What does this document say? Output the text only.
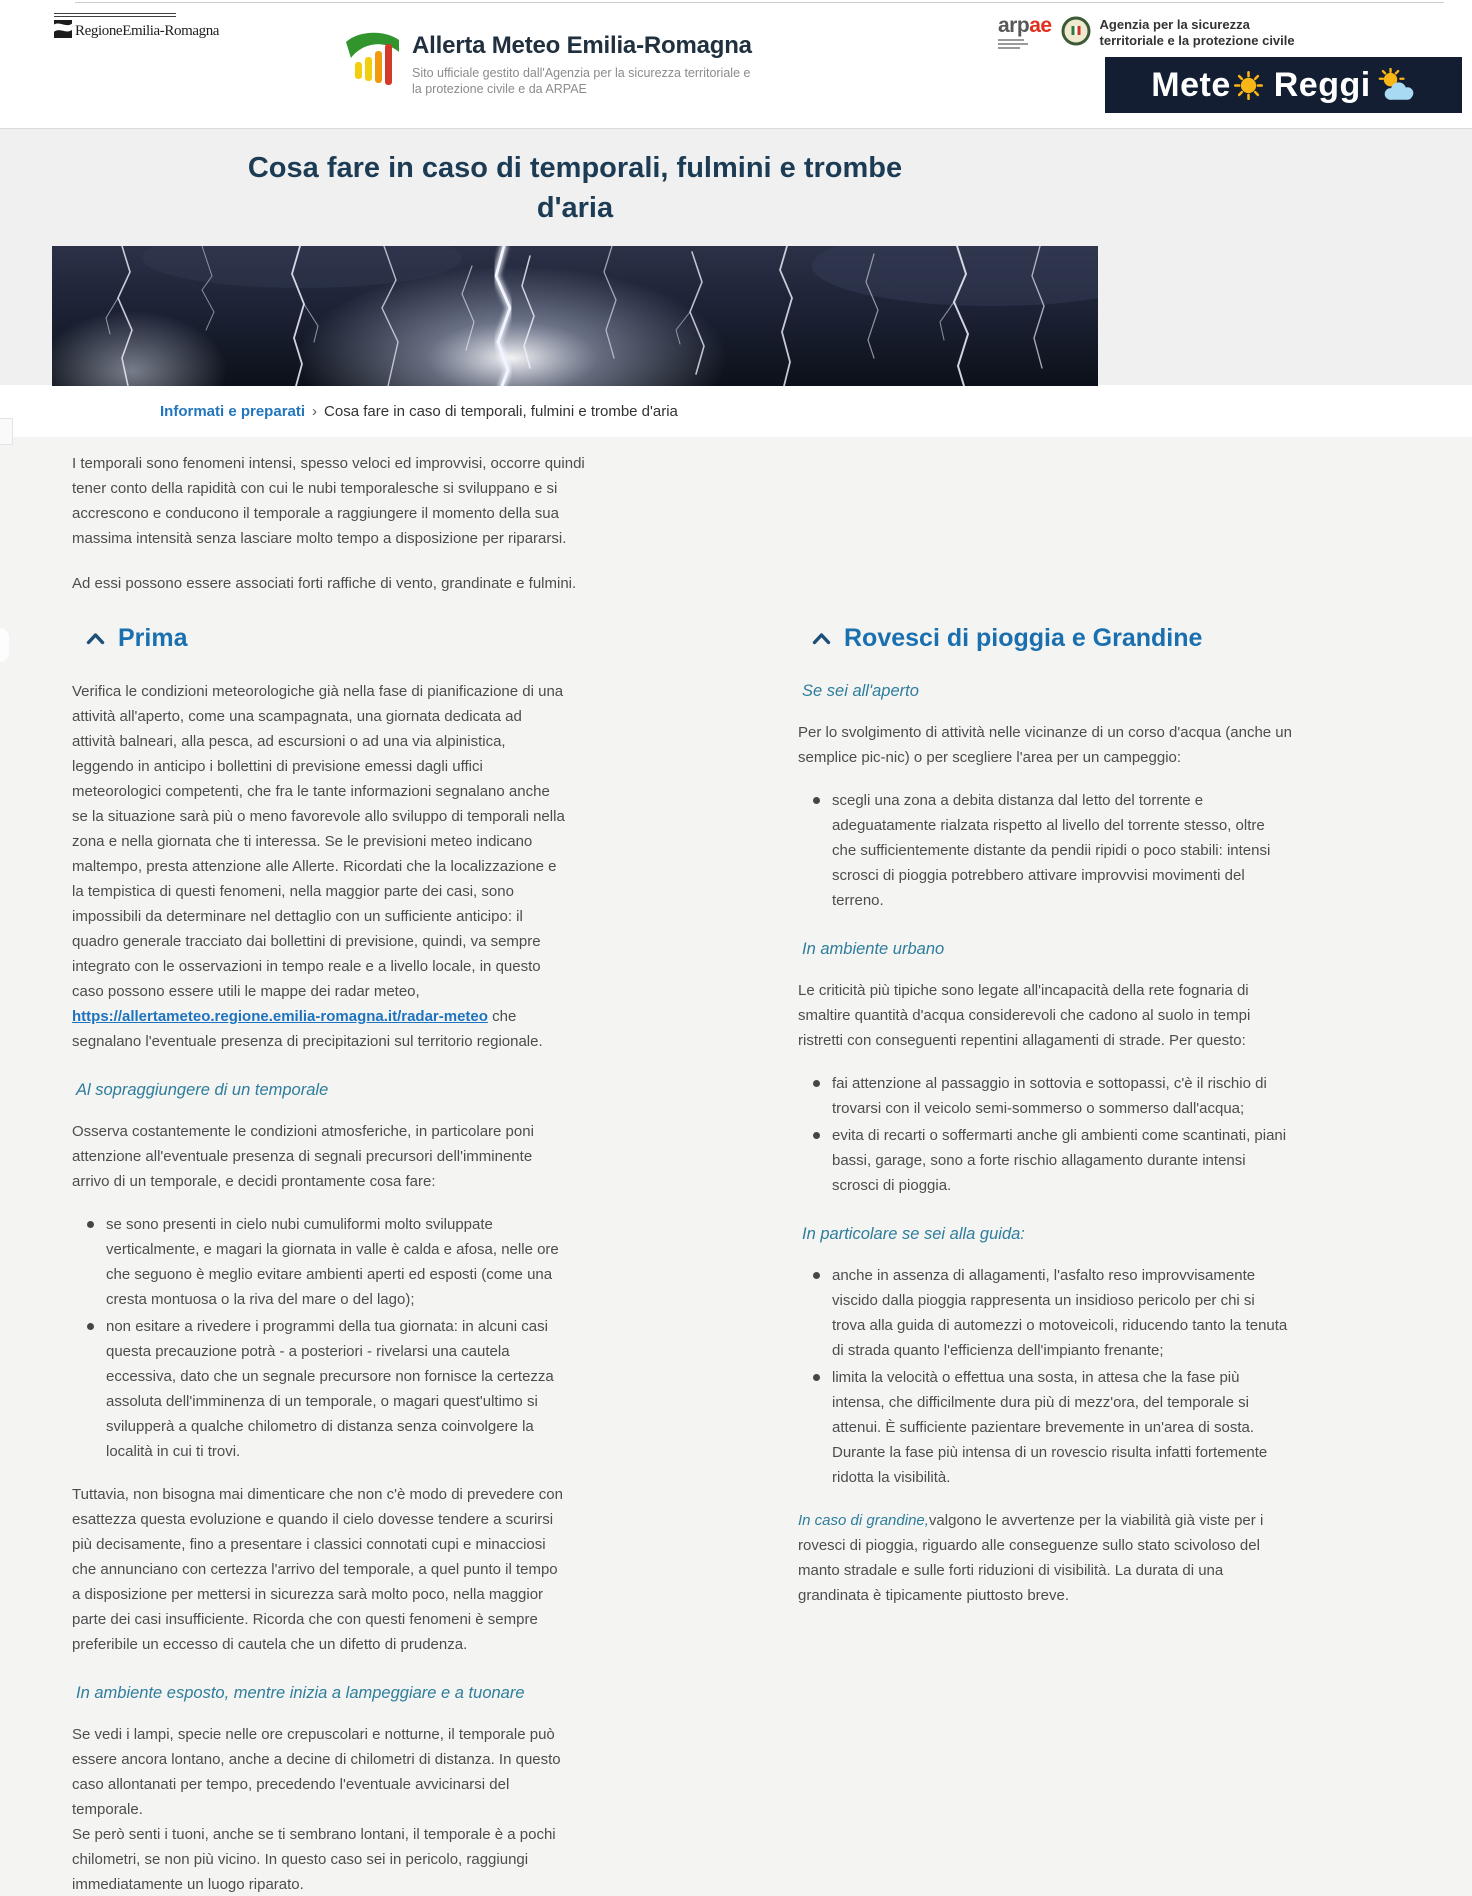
RegioneEmilia-Romagna
Allerta Meteo Emilia-Romagna
Sito ufficiale gestito dall'Agenzia per la sicurezza territoriale e
la protezione civile e da ARPAE
arpae	Agenzia per la sicurezza territoriale e la protezione civile
Mete Reggi
Cosa fare in caso di temporali, fulmini e trombe
d'aria
Informati e preparati › Cosa fare in caso di temporali, fulmini e trombe d'aria

I temporali sono fenomeni intensi, spesso veloci ed improvvisi, occorre quindi tener conto della rapidità con cui le nubi temporalesche si sviluppano e si accrescono e conducono il temporale a raggiungere il momento della sua massima intensità senza lasciare molto tempo a disposizione per ripararsi.

Ad essi possono essere associati forti raffiche di vento, grandinate e fulmini.

Prima

Verifica le condizioni meteorologiche già nella fase di pianificazione di una attività all'aperto, come una scampagnata, una giornata dedicata ad attività balneari, alla pesca, ad escursioni o ad una via alpinistica, leggendo in anticipo i bollettini di previsione emessi dagli uffici meteorologici competenti, che fra le tante informazioni segnalano anche se la situazione sarà più o meno favorevole allo sviluppo di temporali nella zona e nella giornata che ti interessa. Se le previsioni meteo indicano maltempo, presta attenzione alle Allerte. Ricordati che la localizzazione e la tempistica di questi fenomeni, nella maggior parte dei casi, sono impossibili da determinare nel dettaglio con un sufficiente anticipo: il quadro generale tracciato dai bollettini di previsione, quindi, va sempre integrato con le osservazioni in tempo reale e a livello locale, in questo caso possono essere utili le mappe dei radar meteo, https://allertameteo.regione.emilia-romagna.it/radar-meteo che segnalano l'eventuale presenza di precipitazioni sul territorio regionale.

Al sopraggiungere di un temporale

Osserva costantemente le condizioni atmosferiche, in particolare poni attenzione all'eventuale presenza di segnali precursori dell'imminente arrivo di un temporale, e decidi prontamente cosa fare:

se sono presenti in cielo nubi cumuliformi molto sviluppate verticalmente, e magari la giornata in valle è calda e afosa, nelle ore che seguono è meglio evitare ambienti aperti ed esposti (come una cresta montuosa o la riva del mare o del lago);
non esitare a rivedere i programmi della tua giornata: in alcuni casi questa precauzione potrà - a posteriori - rivelarsi una cautela eccessiva, dato che un segnale precursore non fornisce la certezza assoluta dell'imminenza di un temporale, o magari quest'ultimo si svilupperà a qualche chilometro di distanza senza coinvolgere la località in cui ti trovi.

Tuttavia, non bisogna mai dimenticare che non c'è modo di prevedere con esattezza questa evoluzione e quando il cielo dovesse tendere a scurirsi più decisamente, fino a presentare i classici connotati cupi e minacciosi che annunciano con certezza l'arrivo del temporale, a quel punto il tempo a disposizione per mettersi in sicurezza sarà molto poco, nella maggior parte dei casi insufficiente. Ricorda che con questi fenomeni è sempre preferibile un eccesso di cautela che un difetto di prudenza.

In ambiente esposto, mentre inizia a lampeggiare e a tuonare

Se vedi i lampi, specie nelle ore crepuscolari e notturne, il temporale può essere ancora lontano, anche a decine di chilometri di distanza. In questo caso allontanati per tempo, precedendo l'eventuale avvicinarsi del temporale.
Se però senti i tuoni, anche se ti sembrano lontani, il temporale è a pochi chilometri, se non più vicino. In questo caso sei in pericolo, raggiungi immediatamente un luogo riparato.

Rovesci di pioggia e Grandine
Se sei all'aperto

Per lo svolgimento di attività nelle vicinanze di un corso d'acqua (anche un semplice pic-nic) o per scegliere l'area per un campeggio:

scegli una zona a debita distanza dal letto del torrente e adeguatamente rialzata rispetto al livello del torrente stesso, oltre che sufficientemente distante da pendii ripidi o poco stabili: intensi scrosci di pioggia potrebbero attivare improvvisi movimenti del terreno.
In ambiente urbano

Le criticità più tipiche sono legate all'incapacità della rete fognaria di smaltire quantità d'acqua considerevoli che cadono al suolo in tempi ristretti con conseguenti repentini allagamenti di strade. Per questo:

fai attenzione al passaggio in sottovia e sottopassi, c'è il rischio di trovarsi con il veicolo semi-sommerso o sommerso dall'acqua;
evita di recarti o soffermarti anche gli ambienti come scantinati, piani bassi, garage, sono a forte rischio allagamento durante intensi scrosci di pioggia.
In particolare se sei alla guida:
anche in assenza di allagamenti, l'asfalto reso improvvisamente viscido dalla pioggia rappresenta un insidioso pericolo per chi si trova alla guida di automezzi o motoveicoli, riducendo tanto la tenuta di strada quanto l'efficienza dell'impianto frenante;
limita la velocità o effettua una sosta, in attesa che la fase più intensa, che difficilmente dura più di mezz'ora, del temporale si attenui. È sufficiente pazientare brevemente in un'area di sosta. Durante la fase più intensa di un rovescio risulta infatti fortemente ridotta la visibilità.

In caso di grandine,valgono le avvertenze per la viabilità già viste per i rovesci di pioggia, riguardo alle conseguenze sullo stato scivoloso del manto stradale e sulle forti riduzioni di visibilità. La durata di una grandinata è tipicamente piuttosto breve.
